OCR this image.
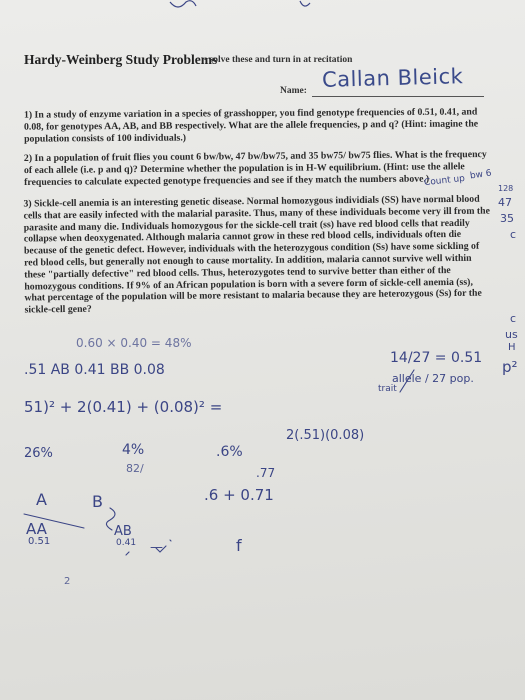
Hardy-Weinberg Study Problems
- solve these and turn in at recitation
Name: Callan Bleick
1) In a study of enzyme variation in a species of grasshopper, you find genotype frequencies of 0.51, 0.41, and 0.08, for genotypes AA, AB, and BB respectively. What are the allele frequencies, p and q? (Hint: imagine the population consists of 100 individuals.)
2) In a population of fruit flies you count 6 bw/bw, 47 bw/bw75, and 35 bw75/ bw75 flies. What is the frequency of each allele (i.e. p and q)? Determine whether the population is in H-W equilibrium. (Hint: use the allele frequencies to calculate expected genotype frequencies and see if they match the numbers above.)
3) Sickle-cell anemia is an interesting genetic disease. Normal homozygous individials (SS) have normal blood cells that are easily infected with the malarial parasite. Thus, many of these individuals become very ill from the parasite and many die. Individuals homozygous for the sickle-cell trait (ss) have red blood cells that readily collapse when deoxygenated. Although malaria cannot grow in these red blood cells, individuals often die because of the genetic defect. However, individuals with the heterozygous condition (Ss) have some sickling of red blood cells, but generally not enough to cause mortality. In addition, malaria cannot survive well within these "partially defective" red blood cells. Thus, heterozygotes tend to survive better than either of the homozygous conditions. If 9% of an African population is born with a severe form of sickle-cell anemia (ss), what percentage of the population will be more resistant to malaria because they are heterozygous (Ss) for the sickle-cell gene?
Count up bw 6
128
47
35
c
c
us
H
p²
0.60 × 0.40 = 48%
.51 AB 0.41 BB 0.08
14/27 = 0.51
allele / 27 pop.
trait
51)² + 2(0.41) + (0.08)² =
2(.51)(0.08)
26%	4%	.6%
82/	.77
A	B	.6 + 0.71
AA	AB
0.51	0.41 —	f
2
